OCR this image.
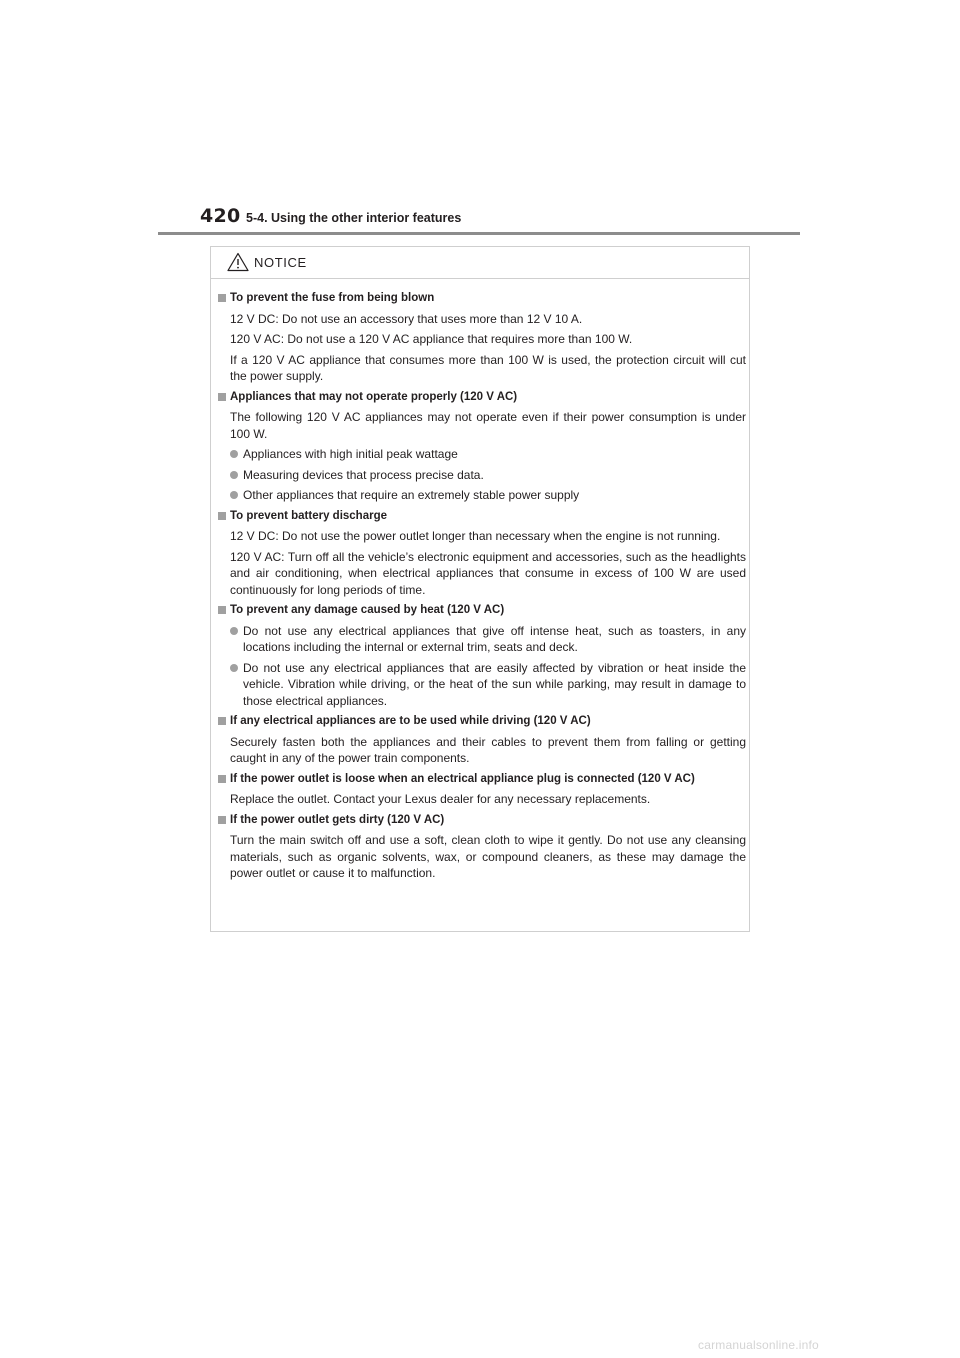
420 5-4. Using the other interior features
NOTICE
To prevent the fuse from being blown
12 V DC: Do not use an accessory that uses more than 12 V 10 A.
120 V AC: Do not use a 120 V AC appliance that requires more than 100 W.
If a 120 V AC appliance that consumes more than 100 W is used, the protection circuit will cut the power supply.
Appliances that may not operate properly (120 V AC)
The following 120 V AC appliances may not operate even if their power consumption is under 100 W.
Appliances with high initial peak wattage
Measuring devices that process precise data.
Other appliances that require an extremely stable power supply
To prevent battery discharge
12 V DC: Do not use the power outlet longer than necessary when the engine is not running.
120 V AC: Turn off all the vehicle’s electronic equipment and accessories, such as the headlights and air conditioning, when electrical appliances that consume in excess of 100 W are used continuously for long periods of time.
To prevent any damage caused by heat (120 V AC)
Do not use any electrical appliances that give off intense heat, such as toasters, in any locations including the internal or external trim, seats and deck.
Do not use any electrical appliances that are easily affected by vibration or heat inside the vehicle. Vibration while driving, or the heat of the sun while parking, may result in damage to those electrical appliances.
If any electrical appliances are to be used while driving (120 V AC)
Securely fasten both the appliances and their cables to prevent them from falling or getting caught in any of the power train components.
If the power outlet is loose when an electrical appliance plug is connected (120 V AC)
Replace the outlet. Contact your Lexus dealer for any necessary replacements.
If the power outlet gets dirty (120 V AC)
Turn the main switch off and use a soft, clean cloth to wipe it gently. Do not use any cleansing materials, such as organic solvents, wax, or compound cleaners, as these may damage the power outlet or cause it to malfunction.
carmanualsonline.info
